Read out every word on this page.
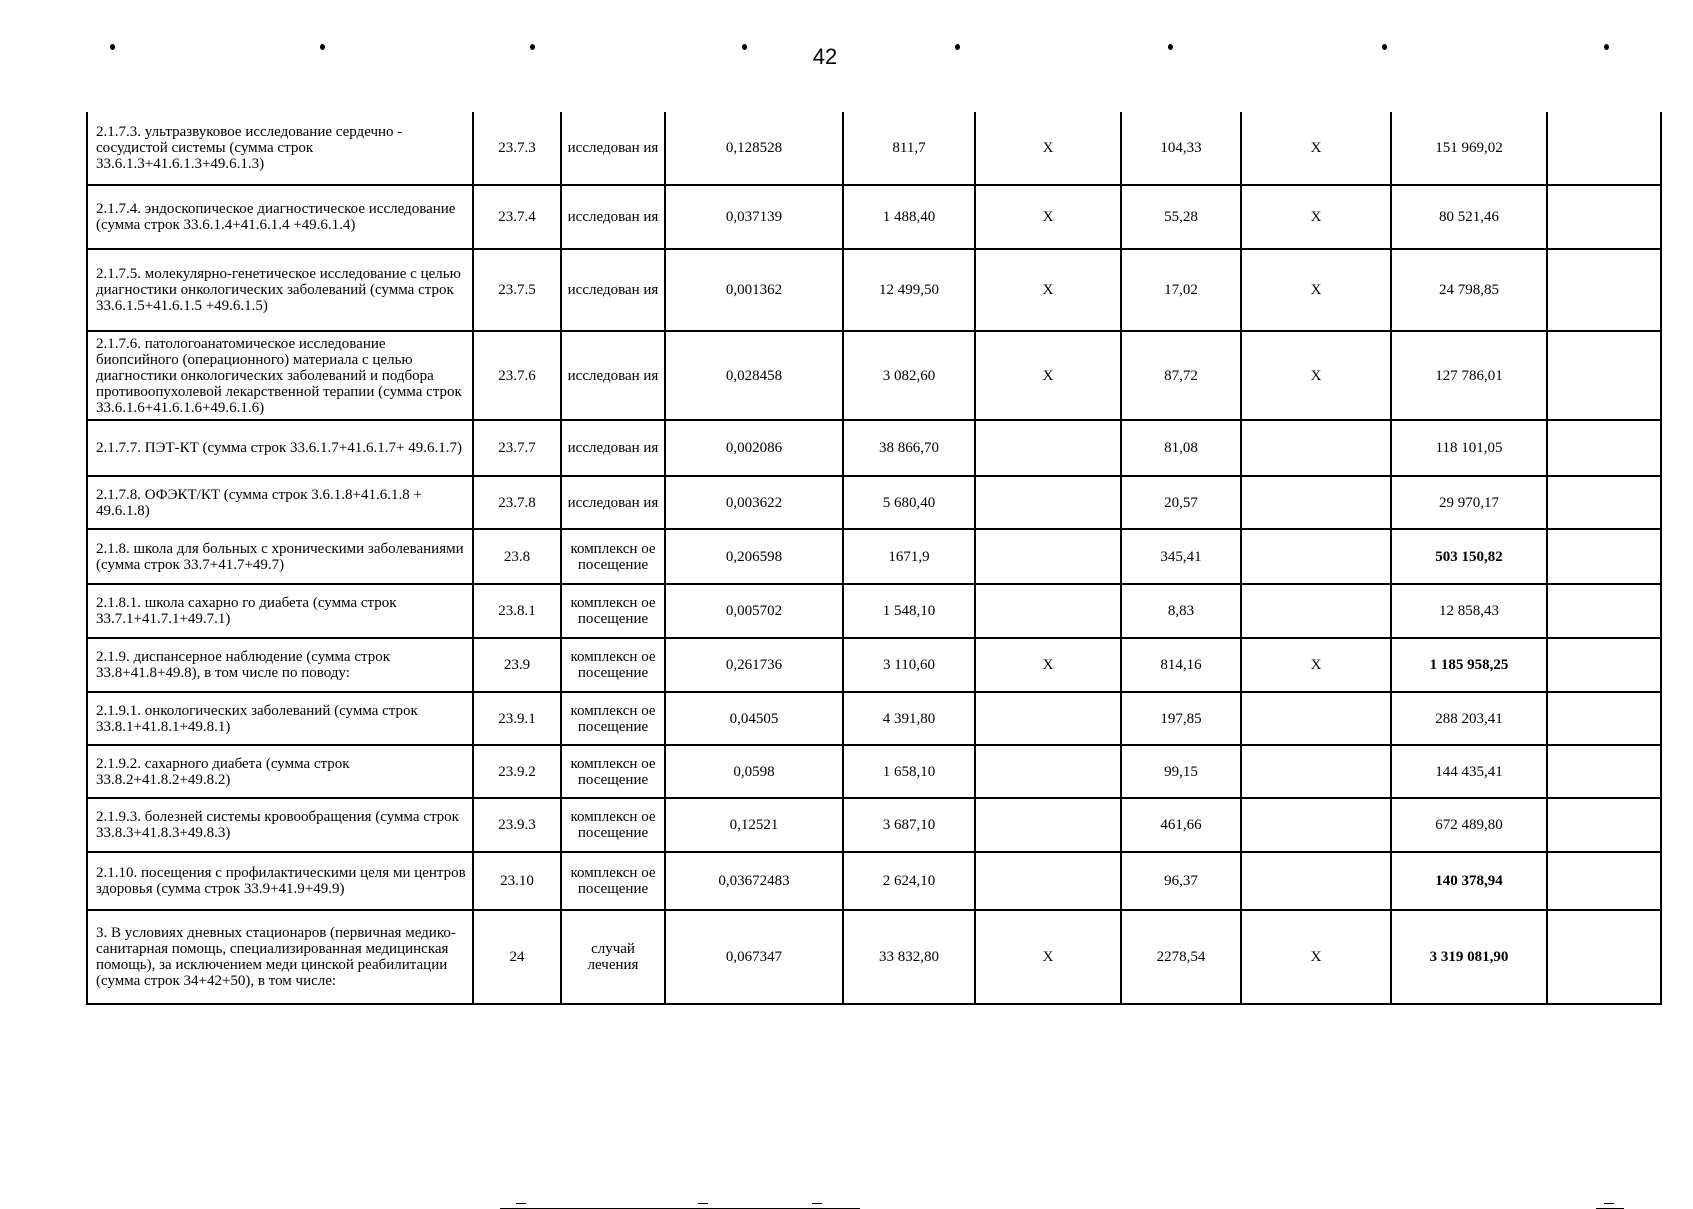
42
2.1.7.3. ультразвуковое исследование сердечно - сосудистой системы (сумма строк 33.6.1.3+41.6.1.3+49.6.1.3)	23.7.3	исследован ия	0,128528	811,7	X	104,33	X	151 969,02	
2.1.7.4. эндоскопическое диагностическое исследование (сумма строк 33.6.1.4+41.6.1.4 +49.6.1.4)	23.7.4	исследован ия	0,037139	1 488,40	X	55,28	X	80 521,46	
2.1.7.5. молекулярно-генетическое исследование с целью диагностики онкологических заболеваний (сумма строк 33.6.1.5+41.6.1.5 +49.6.1.5)	23.7.5	исследован ия	0,001362	12 499,50	X	17,02	X	24 798,85	
2.1.7.6. патологоанатомическое исследование биопсийного (операционного) материала с целью диагностики онкологических заболеваний и подбора противоопухолевой лекарственной терапии (сумма строк 33.6.1.6+41.6.1.6+49.6.1.6)	23.7.6	исследован ия	0,028458	3 082,60	X	87,72	X	127 786,01	
2.1.7.7. ПЭТ-КТ (сумма строк 33.6.1.7+41.6.1.7+ 49.6.1.7)	23.7.7	исследован ия	0,002086	38 866,70		81,08		118 101,05	
2.1.7.8. ОФЭКТ/КТ (сумма строк 3.6.1.8+41.6.1.8 + 49.6.1.8)	23.7.8	исследован ия	0,003622	5 680,40		20,57		29 970,17	
2.1.8. школа для больных с хроническими заболеваниями (сумма строк 33.7+41.7+49.7)	23.8	комплексн ое посещение	0,206598	1671,9		345,41		503 150,82	
2.1.8.1. школа сахарно го диабета (сумма строк 33.7.1+41.7.1+49.7.1)	23.8.1	комплексн ое посещение	0,005702	1 548,10		8,83		12 858,43	
2.1.9. диспансерное наблюдение (сумма строк 33.8+41.8+49.8), в том числе по поводу:	23.9	комплексн ое посещение	0,261736	3 110,60	X	814,16	X	1 185 958,25	
2.1.9.1. онкологических заболеваний (сумма строк 33.8.1+41.8.1+49.8.1)	23.9.1	комплексн ое посещение	0,04505	4 391,80		197,85		288 203,41	
2.1.9.2. сахарного диабета (сумма строк 33.8.2+41.8.2+49.8.2)	23.9.2	комплексн ое посещение	0,0598	1 658,10		99,15		144 435,41	
2.1.9.3. болезней системы кровообращения (сумма строк 33.8.3+41.8.3+49.8.3)	23.9.3	комплексн ое посещение	0,12521	3 687,10		461,66		672 489,80	
2.1.10. посещения с профилактическими целя ми центров здоровья (сумма строк 33.9+41.9+49.9)	23.10	комплексн ое посещение	0,03672483	2 624,10		96,37		140 378,94	
3. В условиях дневных стационаров (первичная медико-санитарная помощь, специализированная медицинская помощь), за исключением меди цинской реабилитации (сумма строк 34+42+50), в том числе:	24	случай лечения	0,067347	33 832,80	X	2278,54	X	3 319 081,90	
